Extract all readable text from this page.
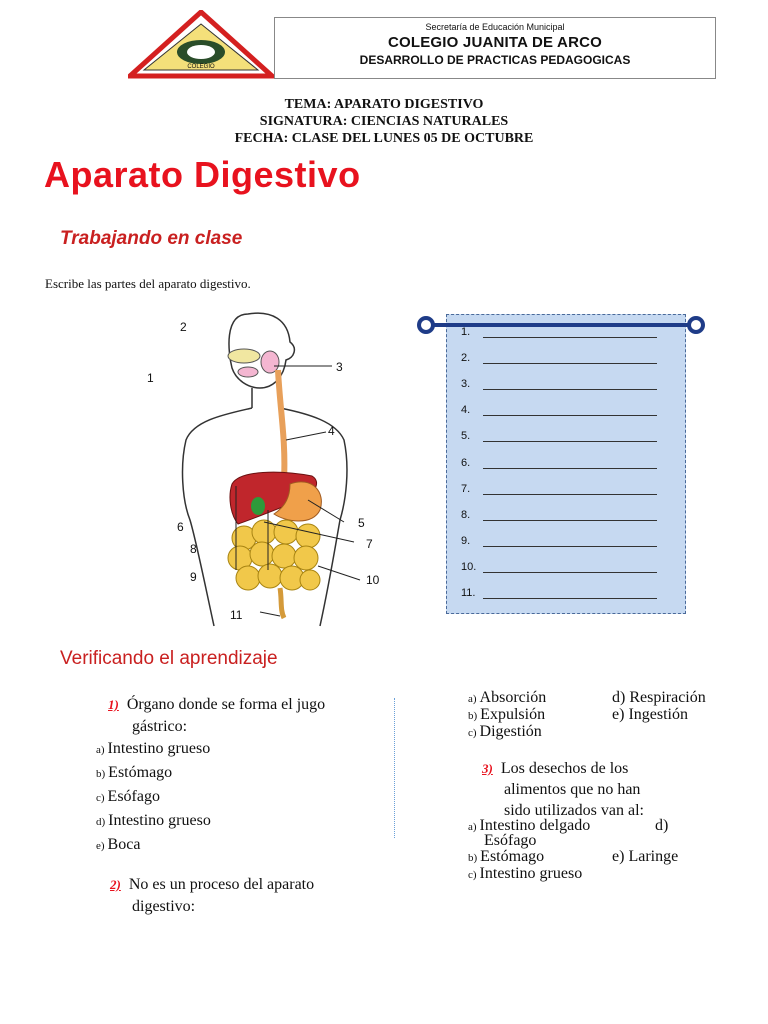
COLEGIO
Secretaría de Educación Municipal
COLEGIO JUANITA DE ARCO
DESARROLLO DE PRACTICAS PEDAGOGICAS
TEMA: APARATO DIGESTIVO
SIGNATURA: CIENCIAS NATURALES
FECHA: CLASE DEL LUNES 05 DE OCTUBRE
Aparato Digestivo
Trabajando en clase
Escribe las partes del aparato digestivo.
1
2
3
4
5
6
7
8
9	10
11
1.
2.
3.
4.
5.
6.
7.
8.
9.
10.
11.
Verificando el aprendizaje
1) Órgano donde se forma el jugo
gástrico:
a) Intestino grueso
b) Estómago
c) Esófago
d) Intestino grueso
e) Boca
2) No es un proceso del aparato
digestivo:
a) Absorción
b) Expulsión
c) Digestión
d) Respiración
e) Ingestión
3) Los desechos de los
alimentos que no han
sido utilizados van al:
a) Intestino delgado	d)
Esófago
b) Estómago	e) Laringe
c) Intestino grueso
